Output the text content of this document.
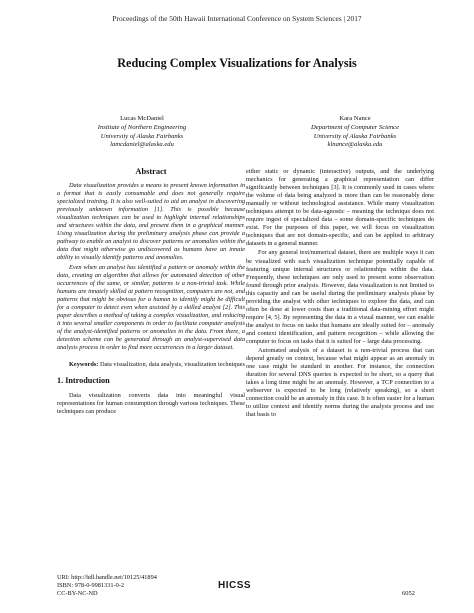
Proceedings of the 50th Hawaii International Conference on System Sciences | 2017
Reducing Complex Visualizations for Analysis
Lucas McDaniel
Institute of Northern Engineering
University of Alaska Fairbanks
lamcdaniel@alaska.edu
Kara Nance
Department of Computer Science
University of Alaska Fairbanks
klnance@alaska.edu
Abstract

Data visualization provides a means to present known information in a format that is easily consumable and does not generally require specialized training. It is also well-suited to aid an analyst in discovering previously unknown information [1]. This is possible because visualization techniques can be used to highlight internal relationships and structures within the data, and present them in a graphical manner. Using visualization during the preliminary analysis phase can provide a pathway to enable an analyst to discover patterns or anomalies within the data that might otherwise go undiscovered as humans have an innate ability to visually identify patterns and anomalies.

Even when an analyst has identified a pattern or anomaly within the data, creating an algorithm that allows for automated detection of other occurrences of the same, or similar, patterns is a non-trivial task. While humans are innately skilled at pattern recognition, computers are not, and patterns that might be obvious for a human to identify might be difficult for a computer to detect even when assisted by a skilled analyst [2]. This paper describes a method of taking a complex visualization, and reducing it into several smaller components in order to facilitate computer analysis of the analyst-identified patterns or anomalies in the data. From there, a detection scheme can be generated through an analyst-supervised data analysis process in order to find more occurrences in a larger dataset.

Keywords: Data visualization, data analysis, visualization techniques

1. Introduction

Data visualization converts data into meaningful visual representations for human consumption through various techniques. These techniques can produce

either static or dynamic (interactive) outputs, and the underlying mechanics for generating a graphical representation can differ significantly between techniques [3]. It is commonly used in cases where the volume of data being analyzed is more than can be reasonably done manually or without technological assistance. While many visualization techniques attempt to be data-agnostic – meaning the technique does not require ingest of specialized data – some domain-specific techniques do exist. For the purposes of this paper, we will focus on visualization techniques that are not domain-specific, and can be applied to arbitrary datasets in a general manner.

For any general text/numerical dataset, there are multiple ways it can be visualized with each visualization technique potentially capable of featuring unique internal structures or relationships within the data. Frequently, these techniques are only used to present some observation found through prior analysis. However, data visualization is not limited to this capacity and can be useful during the preliminary analysis phase by providing the analyst with other techniques to explore the data, and can often be done at lower costs than a traditional data-mining effort might require [4, 5]. By representing the data in a visual manner, we can enable the analyst to focus on tasks that humans are ideally suited for – anomaly and context identification, and pattern recognition – while allowing the computer to focus on tasks that it is suited for – large data processing.

Automated analysis of a dataset is a non-trivial process that can depend greatly on context, because what might appear as an anomaly in one case might be standard in another. For instance, the connection duration for several DNS queries is expected to be short, so a query that takes a long time might be an anomaly. However, a TCP connection to a webserver is expected to be long (relatively speaking), so a short connection could be an anomaly in this case. It is often easier for a human to utilize context and identify norms during the analysis process and use that basis to

URI: http://hdl.handle.net/10125/41894
ISBN: 978-0-9981331-0-2
CC-BY-NC-ND
HICSS
6052
